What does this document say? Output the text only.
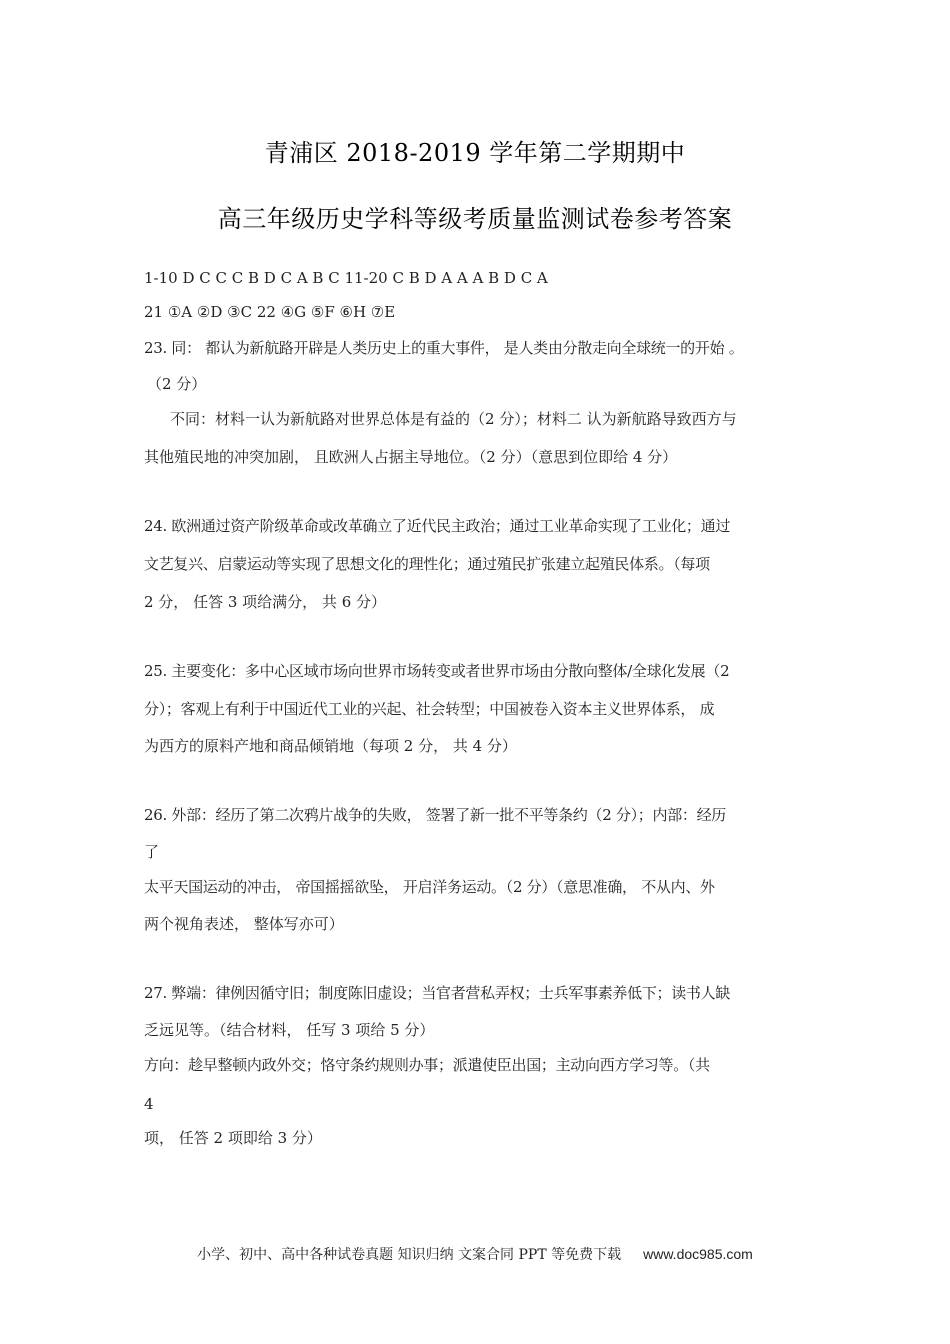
青浦区 2018-2019 学年第二学期期中
高三年级历史学科等级考质量监测试卷参考答案
1-10 D C C C B D C A B C 11-20 C B D A A A B D C A
21 ①A ②D ③C 22 ④G ⑤F ⑥H ⑦E
23. 同： 都认为新航路开辟是人类历史上的重大事件， 是人类由分散走向全球统一的开始 。
（2 分）
不同：材料一认为新航路对世界总体是有益的（2 分）；材料二 认为新航路导致西方与
其他殖民地的冲突加剧， 且欧洲人占据主导地位。（2 分）（意思到位即给 4 分）
24. 欧洲通过资产阶级革命或改革确立了近代民主政治；通过工业革命实现了工业化；通过
文艺复兴、启蒙运动等实现了思想文化的理性化；通过殖民扩张建立起殖民体系。（每项
2 分， 任答 3 项给满分， 共 6 分）
25. 主要变化：多中心区域市场向世界市场转变或者世界市场由分散向整体/全球化发展（2
分）；客观上有利于中国近代工业的兴起、社会转型；中国被卷入资本主义世界体系， 成
为西方的原料产地和商品倾销地（每项 2 分， 共 4 分）
26. 外部：经历了第二次鸦片战争的失败， 签署了新一批不平等条约（2 分）；内部：经历
了
太平天国运动的冲击， 帝国摇摇欲坠， 开启洋务运动。（2 分）（意思准确， 不从内、外
两个视角表述， 整体写亦可）
27. 弊端：律例因循守旧；制度陈旧虚设；当官者营私弄权；士兵军事素养低下；读书人缺
乏远见等。（结合材料， 任写 3 项给 5 分）
方向：趁早整顿内政外交；恪守条约规则办事；派遣使臣出国；主动向西方学习等。（共
4
项， 任答 2 项即给 3 分）
小学、初中、高中各种试卷真题 知识归纳 文案合同 PPT 等免费下载 www.doc985.com
